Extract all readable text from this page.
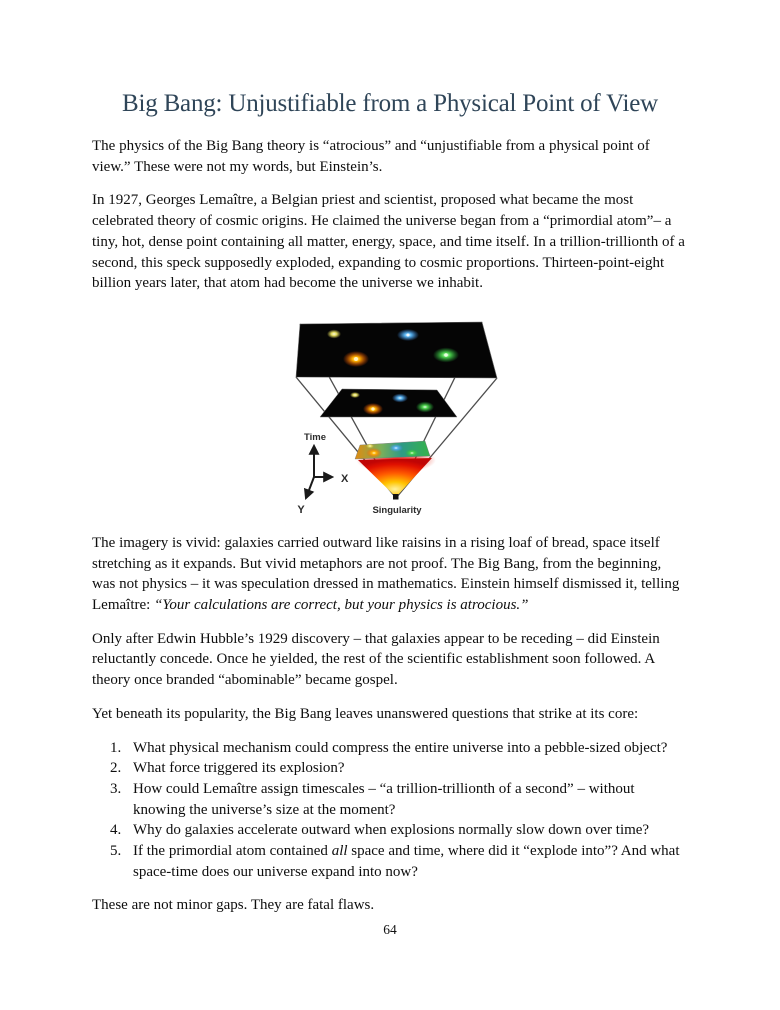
Big Bang: Unjustifiable from a Physical Point of View

The physics of the Big Bang theory is “atrocious” and “unjustifiable from a physical point of view.” These were not my words, but Einstein’s.

In 1927, Georges Lemaître, a Belgian priest and scientist, proposed what became the most celebrated theory of cosmic origins. He claimed the universe began from a “primordial atom”– a tiny, hot, dense point containing all matter, energy, space, and time itself. In a trillion-trillionth of a second, this speck supposedly exploded, expanding to cosmic proportions. Thirteen-point-eight billion years later, that atom had become the universe we inhabit.

Singularity
Time
X
Y

The imagery is vivid: galaxies carried outward like raisins in a rising loaf of bread, space itself stretching as it expands. But vivid metaphors are not proof. The Big Bang, from the beginning, was not physics – it was speculation dressed in mathematics. Einstein himself dismissed it, telling Lemaître: “Your calculations are correct, but your physics is atrocious.”

Only after Edwin Hubble’s 1929 discovery – that galaxies appear to be receding – did Einstein reluctantly concede. Once he yielded, the rest of the scientific establishment soon followed. A theory once branded “abominable” became gospel.

Yet beneath its popularity, the Big Bang leaves unanswered questions that strike at its core:

1. What physical mechanism could compress the entire universe into a pebble-sized object?
2. What force triggered its explosion?
3. How could Lemaître assign timescales – “a trillion-trillionth of a second” – without knowing the universe’s size at the moment?
4. Why do galaxies accelerate outward when explosions normally slow down over time?
5. If the primordial atom contained all space and time, where did it “explode into”? And what space-time does our universe expand into now?

These are not minor gaps. They are fatal flaws.

64
